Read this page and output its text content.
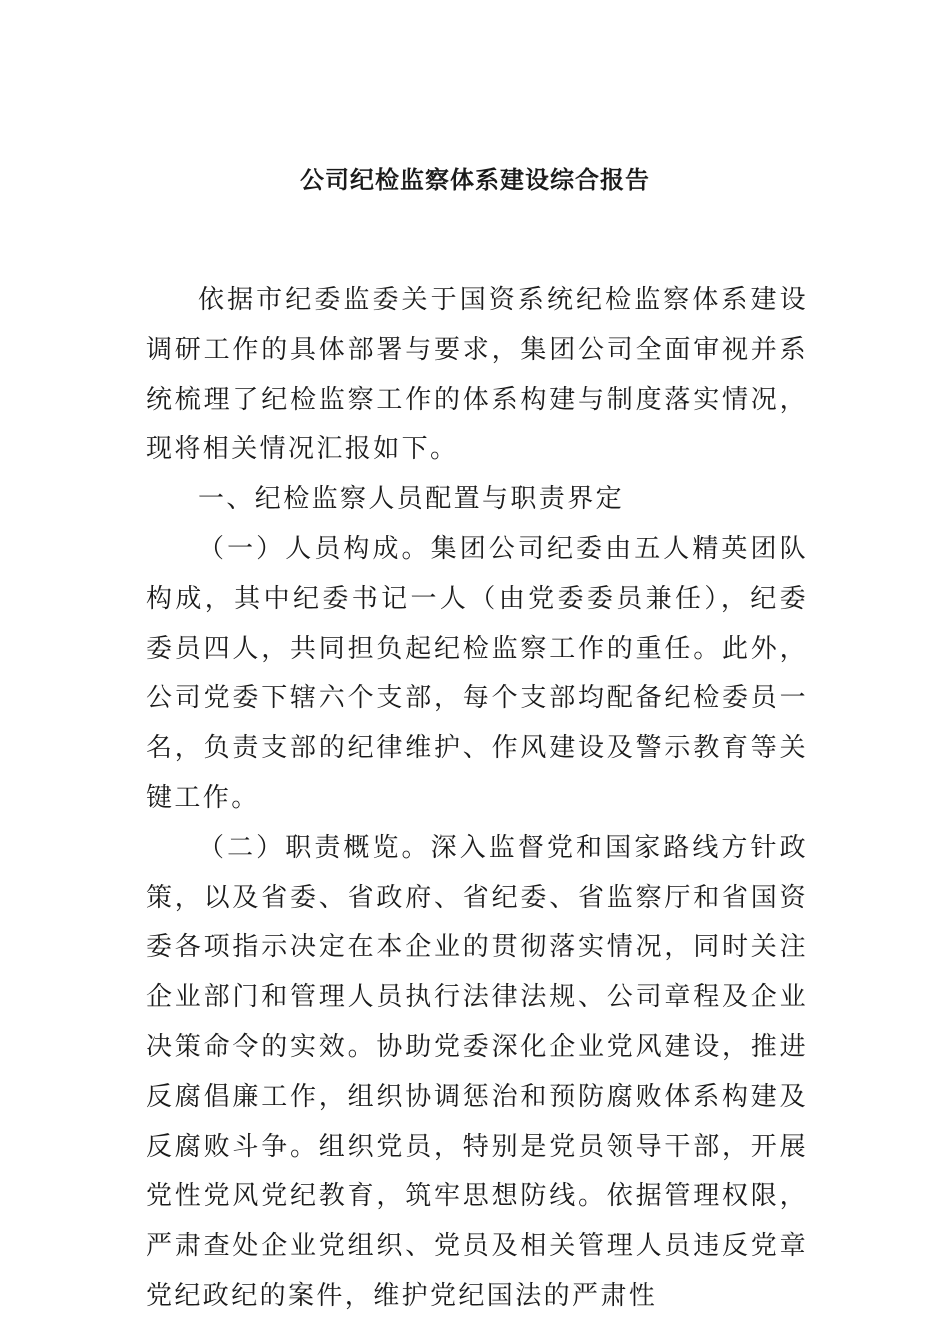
公司纪检监察体系建设综合报告

依据市纪委监委关于国资系统纪检监察体系建设调研工作的具体部署与要求，集团公司全面审视并系统梳理了纪检监察工作的体系构建与制度落实情况，现将相关情况汇报如下。

一、纪检监察人员配置与职责界定

（一）人员构成。集团公司纪委由五人精英团队构成，其中纪委书记一人（由党委委员兼任），纪委委员四人，共同担负起纪检监察工作的重任。此外，公司党委下辖六个支部，每个支部均配备纪检委员一名，负责支部的纪律维护、作风建设及警示教育等关键工作。

（二）职责概览。深入监督党和国家路线方针政策，以及省委、省政府、省纪委、省监察厅和省国资委各项指示决定在本企业的贯彻落实情况，同时关注企业部门和管理人员执行法律法规、公司章程及企业决策命令的实效。协助党委深化企业党风建设，推进反腐倡廉工作，组织协调惩治和预防腐败体系构建及反腐败斗争。组织党员，特别是党员领导干部，开展党性党风党纪教育，筑牢思想防线。依据管理权限，严肃查处企业党组织、党员及相关管理人员违反党章党纪政纪的案件，维护党纪国法的严肃性
